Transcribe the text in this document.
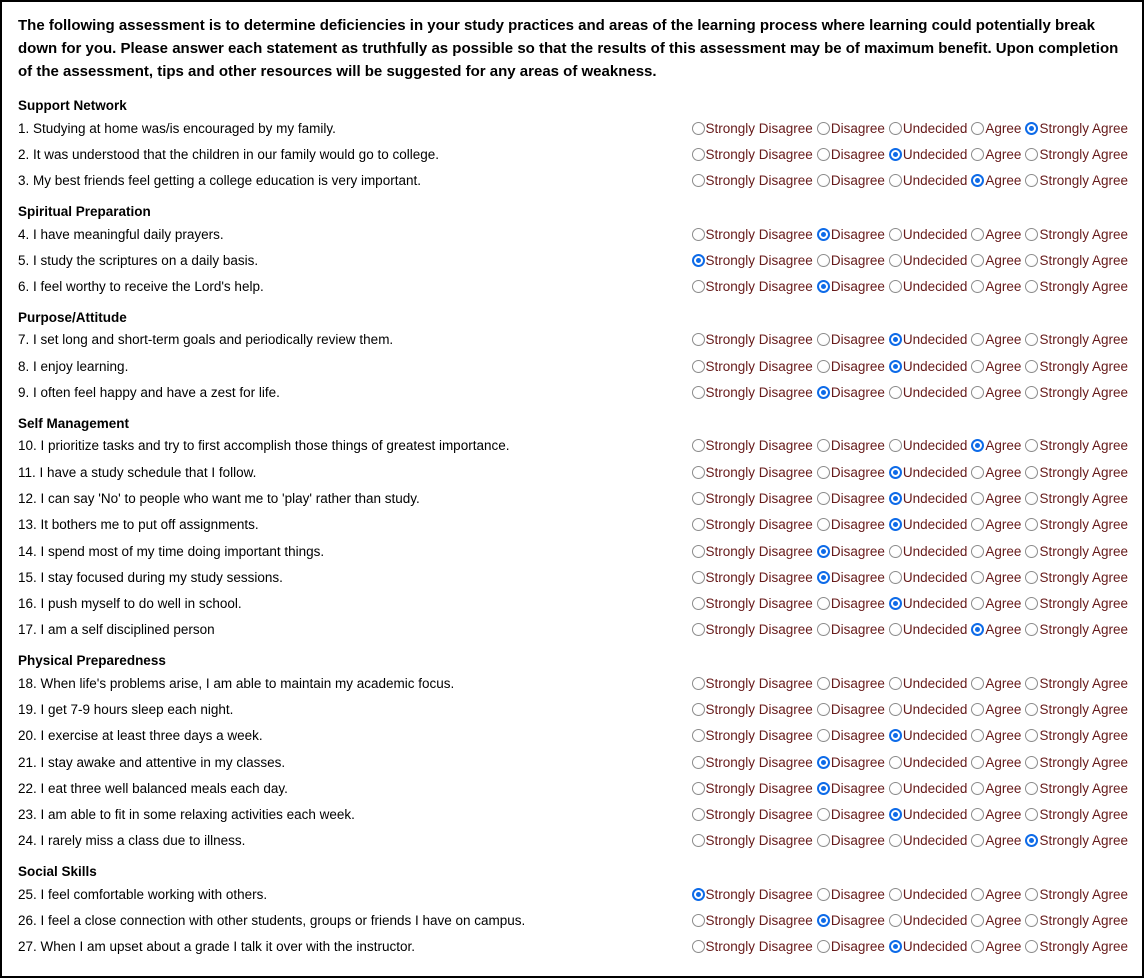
The following assessment is to determine deficiencies in your study practices and areas of the learning process where learning could potentially break down for you. Please answer each statement as truthfully as possible so that the results of this assessment may be of maximum benefit. Upon completion of the assessment, tips and other resources will be suggested for any areas of weakness.

Support Network
1. Studying at home was/is encouraged by my family.	Strongly Disagree Disagree Undecided Agree Strongly Agree
2. It was understood that the children in our family would go to college.	Strongly Disagree Disagree Undecided Agree Strongly Agree
3. My best friends feel getting a college education is very important.	Strongly Disagree Disagree Undecided Agree Strongly Agree
Spiritual Preparation
4. I have meaningful daily prayers.	Strongly Disagree Disagree Undecided Agree Strongly Agree
5. I study the scriptures on a daily basis.	Strongly Disagree Disagree Undecided Agree Strongly Agree
6. I feel worthy to receive the Lord's help.	Strongly Disagree Disagree Undecided Agree Strongly Agree
Purpose/Attitude
7. I set long and short-term goals and periodically review them.	Strongly Disagree Disagree Undecided Agree Strongly Agree
8. I enjoy learning.	Strongly Disagree Disagree Undecided Agree Strongly Agree
9. I often feel happy and have a zest for life.	Strongly Disagree Disagree Undecided Agree Strongly Agree
Self Management
10. I prioritize tasks and try to first accomplish those things of greatest importance.	Strongly Disagree Disagree Undecided Agree Strongly Agree
11. I have a study schedule that I follow.	Strongly Disagree Disagree Undecided Agree Strongly Agree
12. I can say 'No' to people who want me to 'play' rather than study.	Strongly Disagree Disagree Undecided Agree Strongly Agree
13. It bothers me to put off assignments.	Strongly Disagree Disagree Undecided Agree Strongly Agree
14. I spend most of my time doing important things.	Strongly Disagree Disagree Undecided Agree Strongly Agree
15. I stay focused during my study sessions.	Strongly Disagree Disagree Undecided Agree Strongly Agree
16. I push myself to do well in school.	Strongly Disagree Disagree Undecided Agree Strongly Agree
17. I am a self disciplined person	Strongly Disagree Disagree Undecided Agree Strongly Agree
Physical Preparedness
18. When life's problems arise, I am able to maintain my academic focus.	Strongly Disagree Disagree Undecided Agree Strongly Agree
19. I get 7-9 hours sleep each night.	Strongly Disagree Disagree Undecided Agree Strongly Agree
20. I exercise at least three days a week.	Strongly Disagree Disagree Undecided Agree Strongly Agree
21. I stay awake and attentive in my classes.	Strongly Disagree Disagree Undecided Agree Strongly Agree
22. I eat three well balanced meals each day.	Strongly Disagree Disagree Undecided Agree Strongly Agree
23. I am able to fit in some relaxing activities each week.	Strongly Disagree Disagree Undecided Agree Strongly Agree
24. I rarely miss a class due to illness.	Strongly Disagree Disagree Undecided Agree Strongly Agree
Social Skills
25. I feel comfortable working with others.	Strongly Disagree Disagree Undecided Agree Strongly Agree
26. I feel a close connection with other students, groups or friends I have on campus.	Strongly Disagree Disagree Undecided Agree Strongly Agree
27. When I am upset about a grade I talk it over with the instructor.	Strongly Disagree Disagree Undecided Agree Strongly Agree
